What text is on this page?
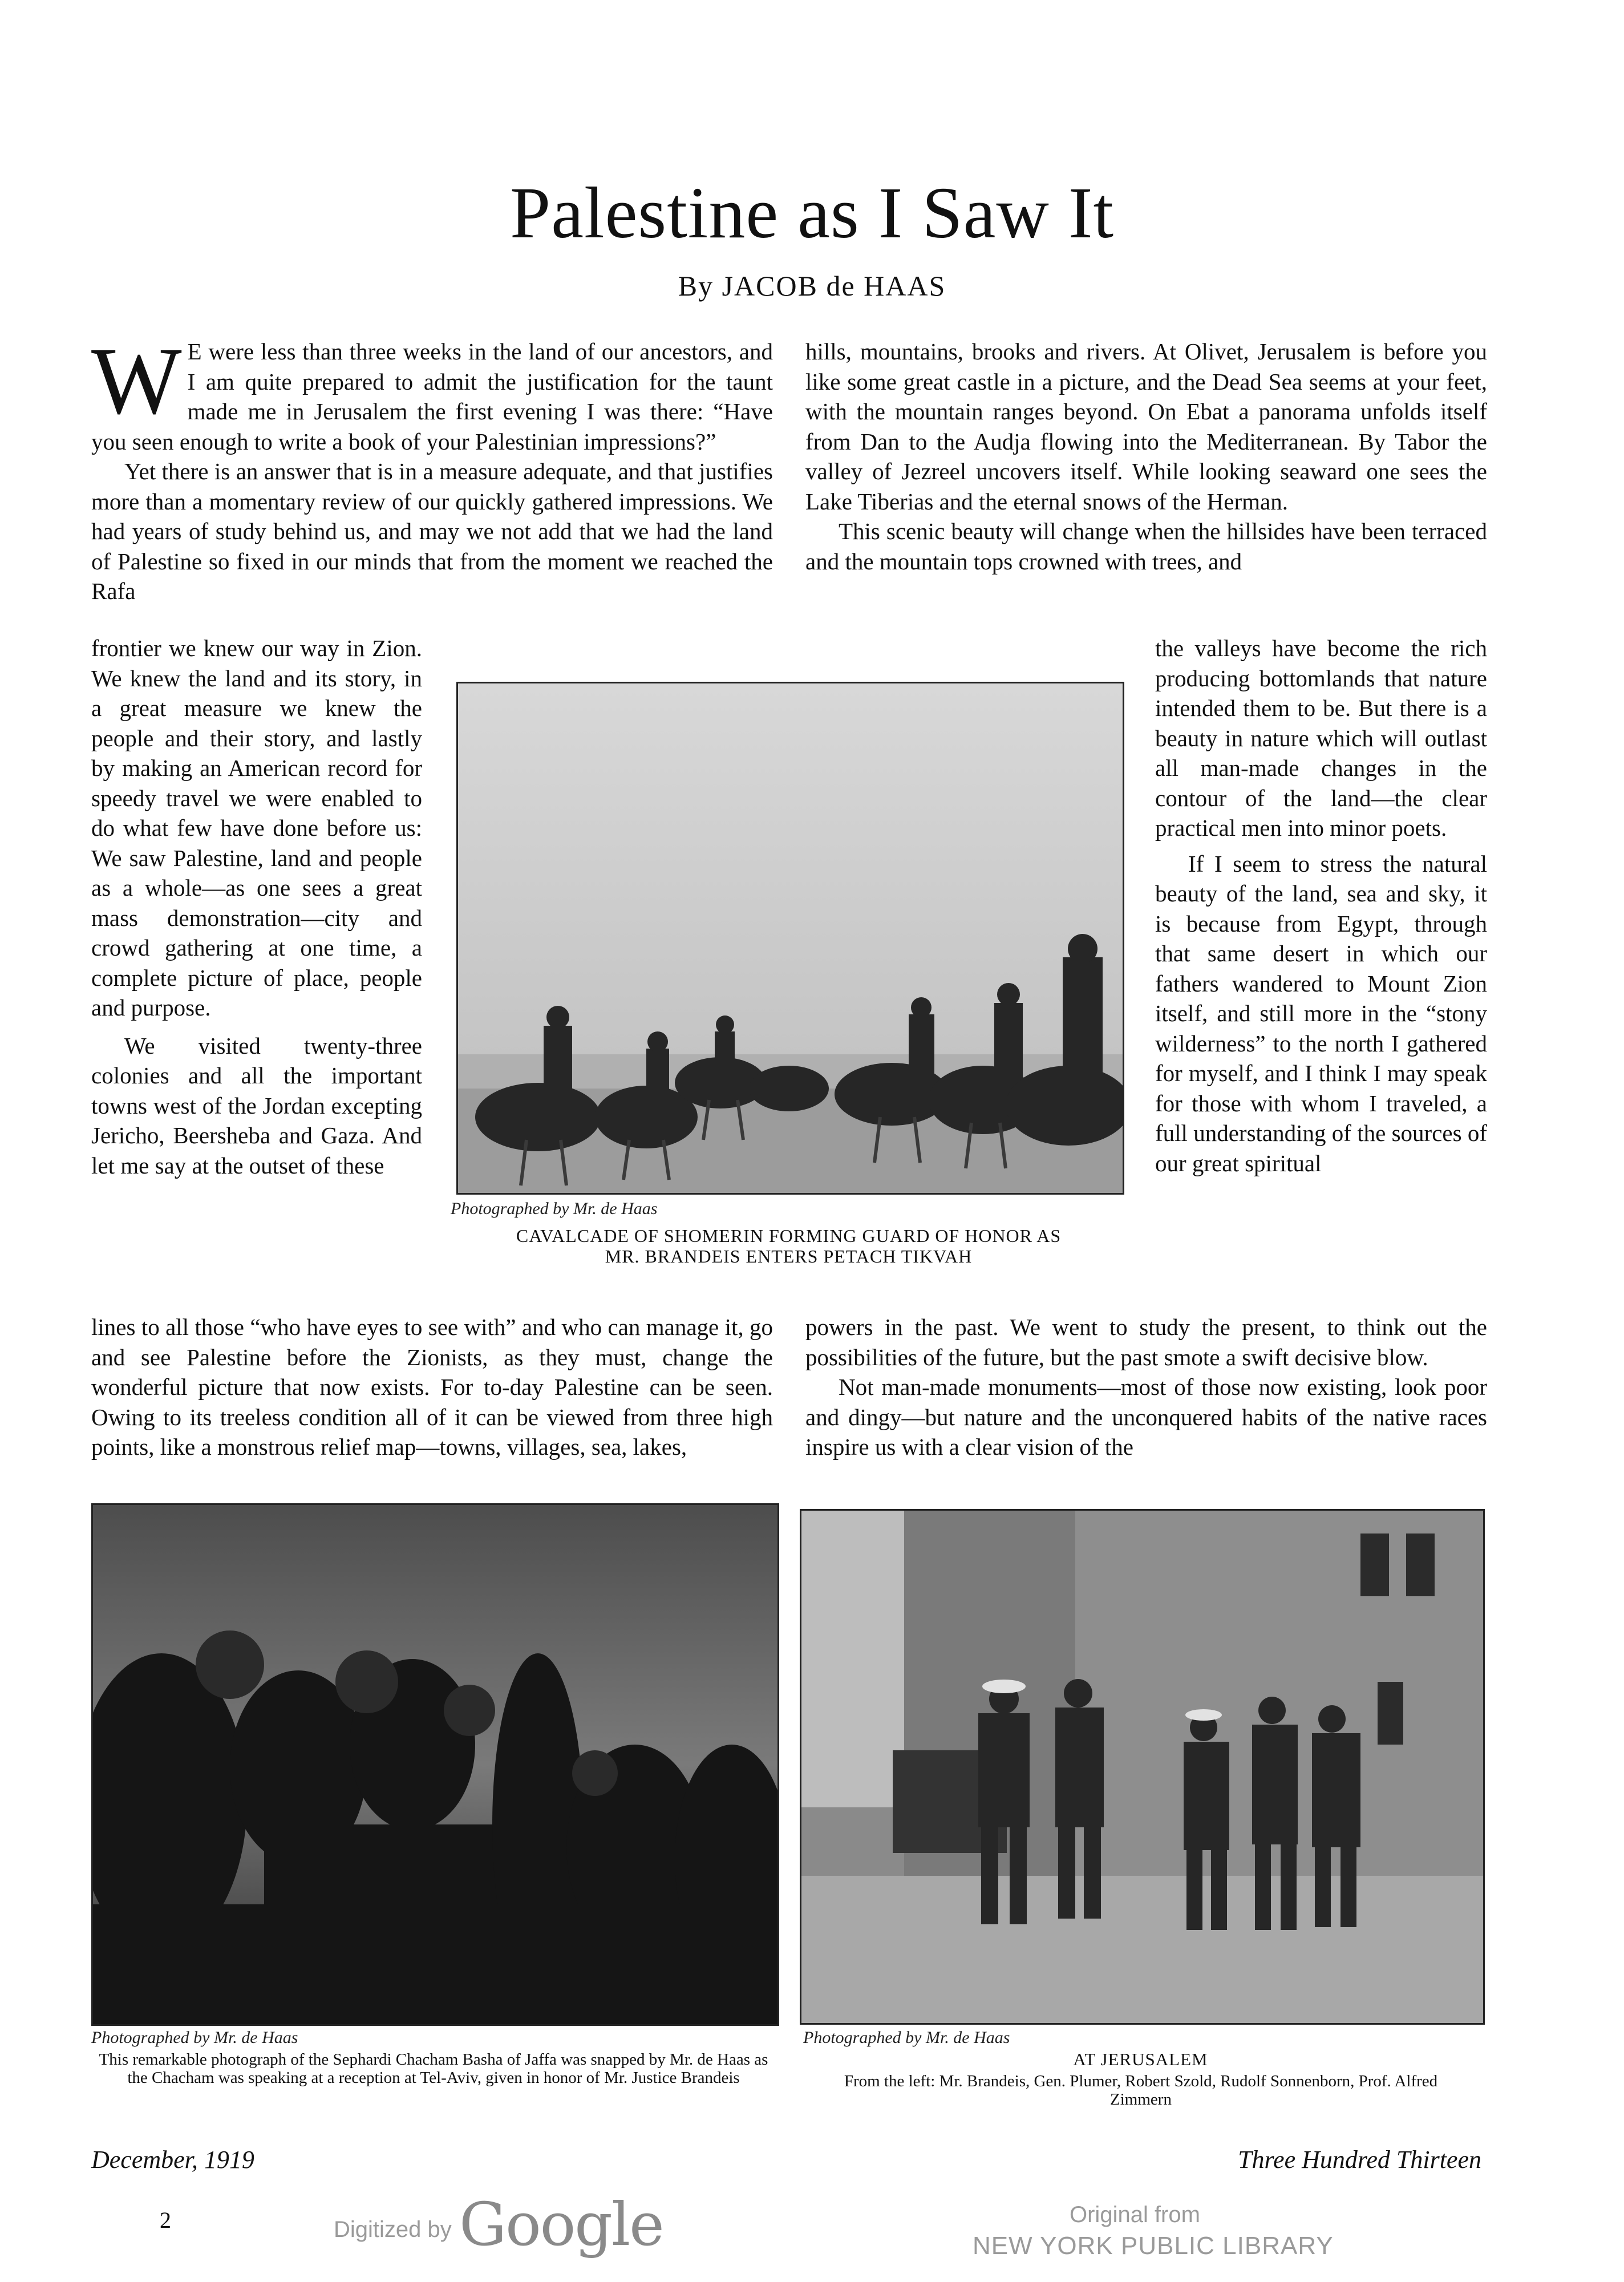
Palestine as I Saw It
By JACOB de HAAS

W E were less than three weeks in the land of our ancestors, and I am quite prepared to admit the justification for the taunt made me in Jerusalem the first evening I was there: “Have you seen enough to write a book of your Palestinian impressions?”

Yet there is an answer that is in a measure adequate, and that justifies more than a momentary review of our quickly gathered impressions. We had years of study behind us, and may we not add that we had the land of Palestine so fixed in our minds that from the moment we reached the Rafa

frontier we knew our way in Zion. We knew the land and its story, in a great measure we knew the people and their story, and lastly by making an American record for speedy travel we were enabled to do what few have done before us: We saw Palestine, land and people as a whole—as one sees a great mass demonstration—city and crowd gathering at one time, a complete picture of place, people and purpose.

We visited twenty-three colonies and all the important towns west of the Jordan excepting Jericho, Beersheba and Gaza. And let me say at the outset of these

lines to all those “who have eyes to see with” and who can manage it, go and see Palestine before the Zionists, as they must, change the wonderful picture that now exists. For to-day Palestine can be seen. Owing to its treeless condition all of it can be viewed from three high points, like a monstrous relief map—towns, villages, sea, lakes,

hills, mountains, brooks and rivers. At Olivet, Jerusalem is before you like some great castle in a picture, and the Dead Sea seems at your feet, with the mountain ranges beyond. On Ebat a panorama unfolds itself from Dan to the Audja flowing into the Mediterranean. By Tabor the valley of Jezreel uncovers itself. While looking seaward one sees the Lake Tiberias and the eternal snows of the Herman.

This scenic beauty will change when the hillsides have been terraced and the mountain tops crowned with trees, and

the valleys have become the rich producing bottomlands that nature intended them to be. But there is a beauty in nature which will outlast all man-made changes in the contour of the land—the clear practical men into minor poets.

If I seem to stress the natural beauty of the land, sea and sky, it is because from Egypt, through that same desert in which our fathers wandered to Mount Zion itself, and still more in the “stony wilderness” to the north I gathered for myself, and I think I may speak for those with whom I traveled, a full understanding of the sources of our great spiritual

powers in the past. We went to study the present, to think out the possibilities of the future, but the past smote a swift decisive blow.

Not man-made monuments—most of those now existing, look poor and dingy—but nature and the unconquered habits of the native races inspire us with a clear vision of the

Photographed by Mr. de Haas
CAVALCADE OF SHOMERIN FORMING GUARD OF HONOR AS
MR. BRANDEIS ENTERS PETACH TIKVAH
Photographed by Mr. de Haas
This remarkable photograph of the Sephardi Chacham Basha of Jaffa was snapped by Mr. de Haas as the Chacham was speaking at a reception at Tel-Aviv, given in honor of Mr. Justice Brandeis
Photographed by Mr. de Haas
AT JERUSALEM
From the left: Mr. Brandeis, Gen. Plumer, Robert Szold, Rudolf Sonnenborn, Prof. Alfred Zimmern
December, 1919	Three Hundred Thirteen
2	Digitized by Google	Original from
NEW YORK PUBLIC LIBRARY
